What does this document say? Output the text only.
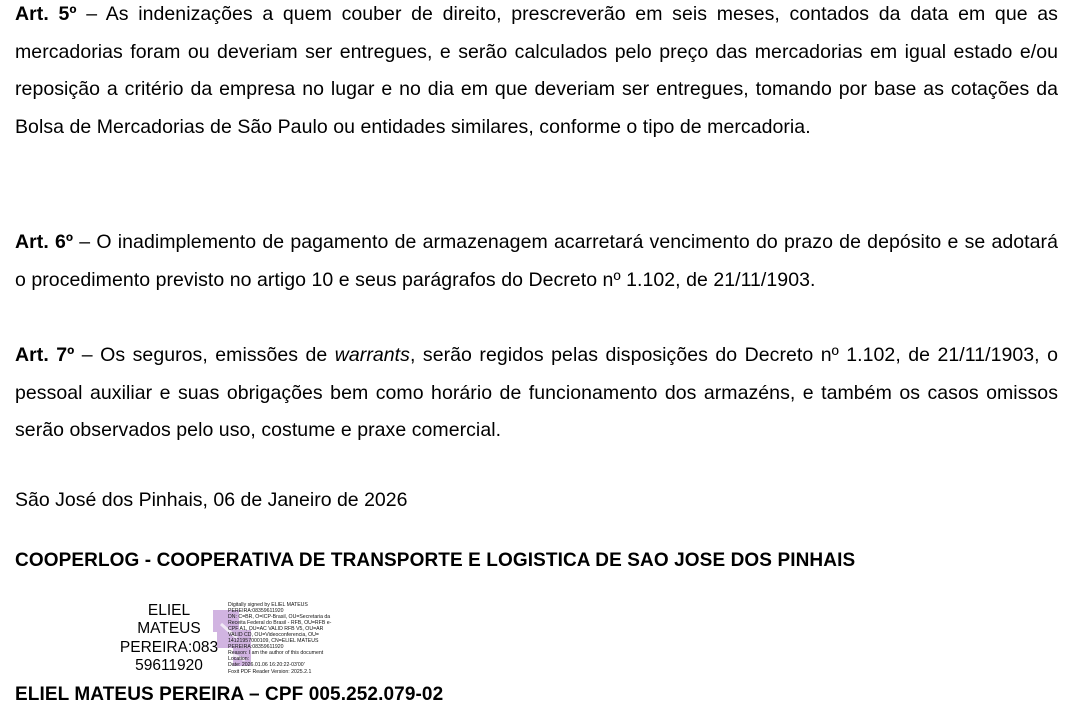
Art. 5º – As indenizações a quem couber de direito, prescreverão em seis meses, contados da data em que as mercadorias foram ou deveriam ser entregues, e serão calculados pelo preço das mercadorias em igual estado e/ou reposição a critério da empresa no lugar e no dia em que deveriam ser entregues, tomando por base as cotações da Bolsa de Mercadorias de São Paulo ou entidades similares, conforme o tipo de mercadoria.

Art. 6º – O inadimplemento de pagamento de armazenagem acarretará vencimento do prazo de depósito e se adotará o procedimento previsto no artigo 10 e seus parágrafos do Decreto nº 1.102, de 21/11/1903.

Art. 7º – Os seguros, emissões de warrants, serão regidos pelas disposições do Decreto nº 1.102, de 21/11/1903, o pessoal auxiliar e suas obrigações bem como horário de funcionamento dos armazéns, e também os casos omissos serão observados pelo uso, costume e praxe comercial.

São José dos Pinhais, 06 de Janeiro de 2026
COOPERLOG - COOPERATIVA DE TRANSPORTE E LOGISTICA DE SAO JOSE DOS PINHAIS
ELIEL
MATEUS
PEREIRA:083
59611920
Digitally signed by ELIEL MATEUS
PEREIRA:08359611920
DN: C=BR, O=ICP-Brasil, OU=Secretaria da
Receita Federal do Brasil - RFB, OU=RFB e-
CPF A1, OU=AC VALID RFB V5, OU=AR
VALID CD, OU=Videoconferencia, OU=
14121957000109, CN=ELIEL MATEUS
PEREIRA:08359611920
Reason: I am the author of this document
Location:
Date: 2026.01.06 16:20:22-03'00'
Foxit PDF Reader Version: 2025.2.1
ELIEL MATEUS PEREIRA – CPF 005.252.079-02
